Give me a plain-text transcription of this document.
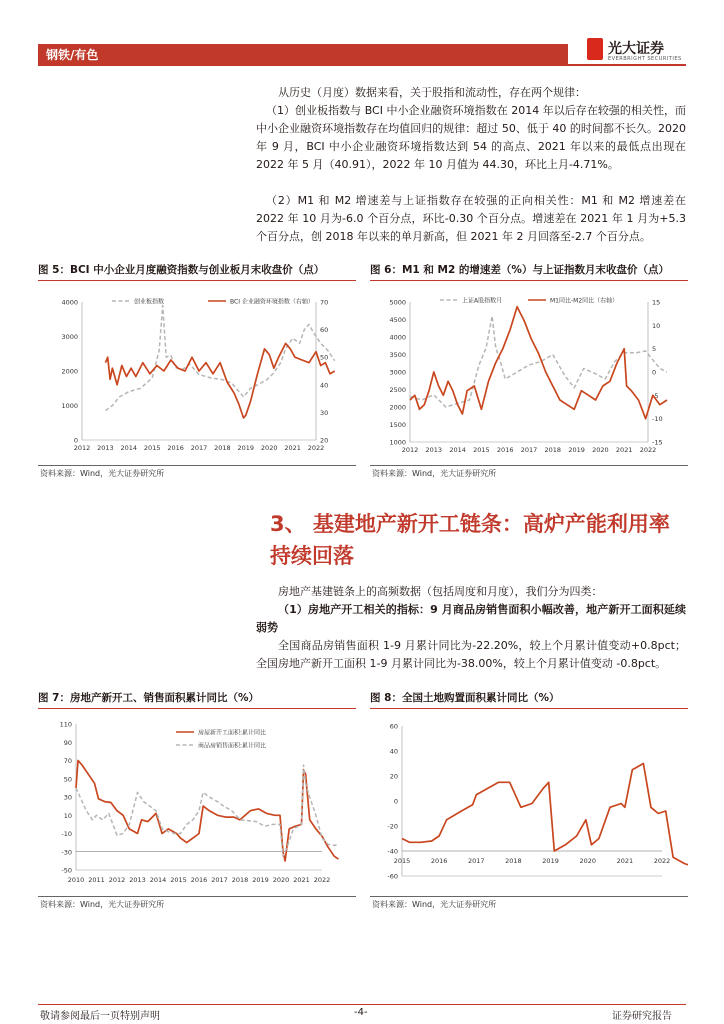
钢铁/有色	光大证券
EVERBRIGHT SECURITIES
从历史（月度）数据来看，关于股指和流动性，存在两个规律：
（1）创业板指数与 BCI 中小企业融资环境指数在 2014 年以后存在较强的相关性，而中小企业融资环境指数存在均值回归的规律：超过 50、低于 40 的时间都不长久。2020 年 9 月，BCI 中小企业融资环境指数达到 54 的高点、2021 年以来的最低点出现在 2022 年 5 月（40.91），2022 年 10 月值为 44.30，环比上月-4.71%。
（2）M1 和 M2 增速差与上证指数存在较强的正向相关性：M1 和 M2 增速差在 2022 年 10 月为-6.0 个百分点，环比-0.30 个百分点。增速差在 2021 年 1 月为+5.3 个百分点，创 2018 年以来的单月新高，但 2021 年 2 月回落至-2.7 个百分点。
图 5：BCI 中小企业月度融资指数与创业板月末收盘价（点）
4000
3000
2000
1000
0
70
60
50
40
30
20
2012 2013 2014 2015 2016 2017 2018 2019 2020 2021 2022
创业板指数	BCI 企业融资环境指数（右轴）
资料来源：Wind，光大证券研究所
图 6：M1 和 M2 的增速差（%）与上证指数月末收盘价（点）
5000
4500
4000
3500
3000
2500
2000
1500
1000
15
10
5
0
-5
-10
-15
2012 2013 2014 2015 2016 2017 2018 2019 2020 2021 2022
上证A股指数月	M1同比-M2同比（右轴）
资料来源：Wind，光大证券研究所
3、 基建地产新开工链条：高炉产能利用率持续回落
房地产基建链条上的高频数据（包括周度和月度），我们分为四类：
（1）房地产开工相关的指标：9 月商品房销售面积小幅改善，地产新开工面积延续弱势
全国商品房销售面积 1-9 月累计同比为-22.20%，较上个月累计值变动+0.8pct；全国房地产新开工面积 1-9 月累计同比为-38.00%，较上个月累计值变动 -0.8pct。
图 7：房地产新开工、销售面积累计同比（%）
110
90
70
50
30
10
-10
-30
-50
2010 2011 2012 2013 2014 2015 2016 2017 2018 2019 2020 2021 2022
房屋新开工面积:累计同比
商品房销售面积:累计同比
资料来源：Wind，光大证券研究所
图 8：全国土地购置面积累计同比（%）
60
40
20
0
-20
-40
-60
2015	2016	2017	2018	2019	2020	2021	2022
资料来源：Wind，光大证券研究所
敬请参阅最后一页特别声明	-4-	证券研究报告
